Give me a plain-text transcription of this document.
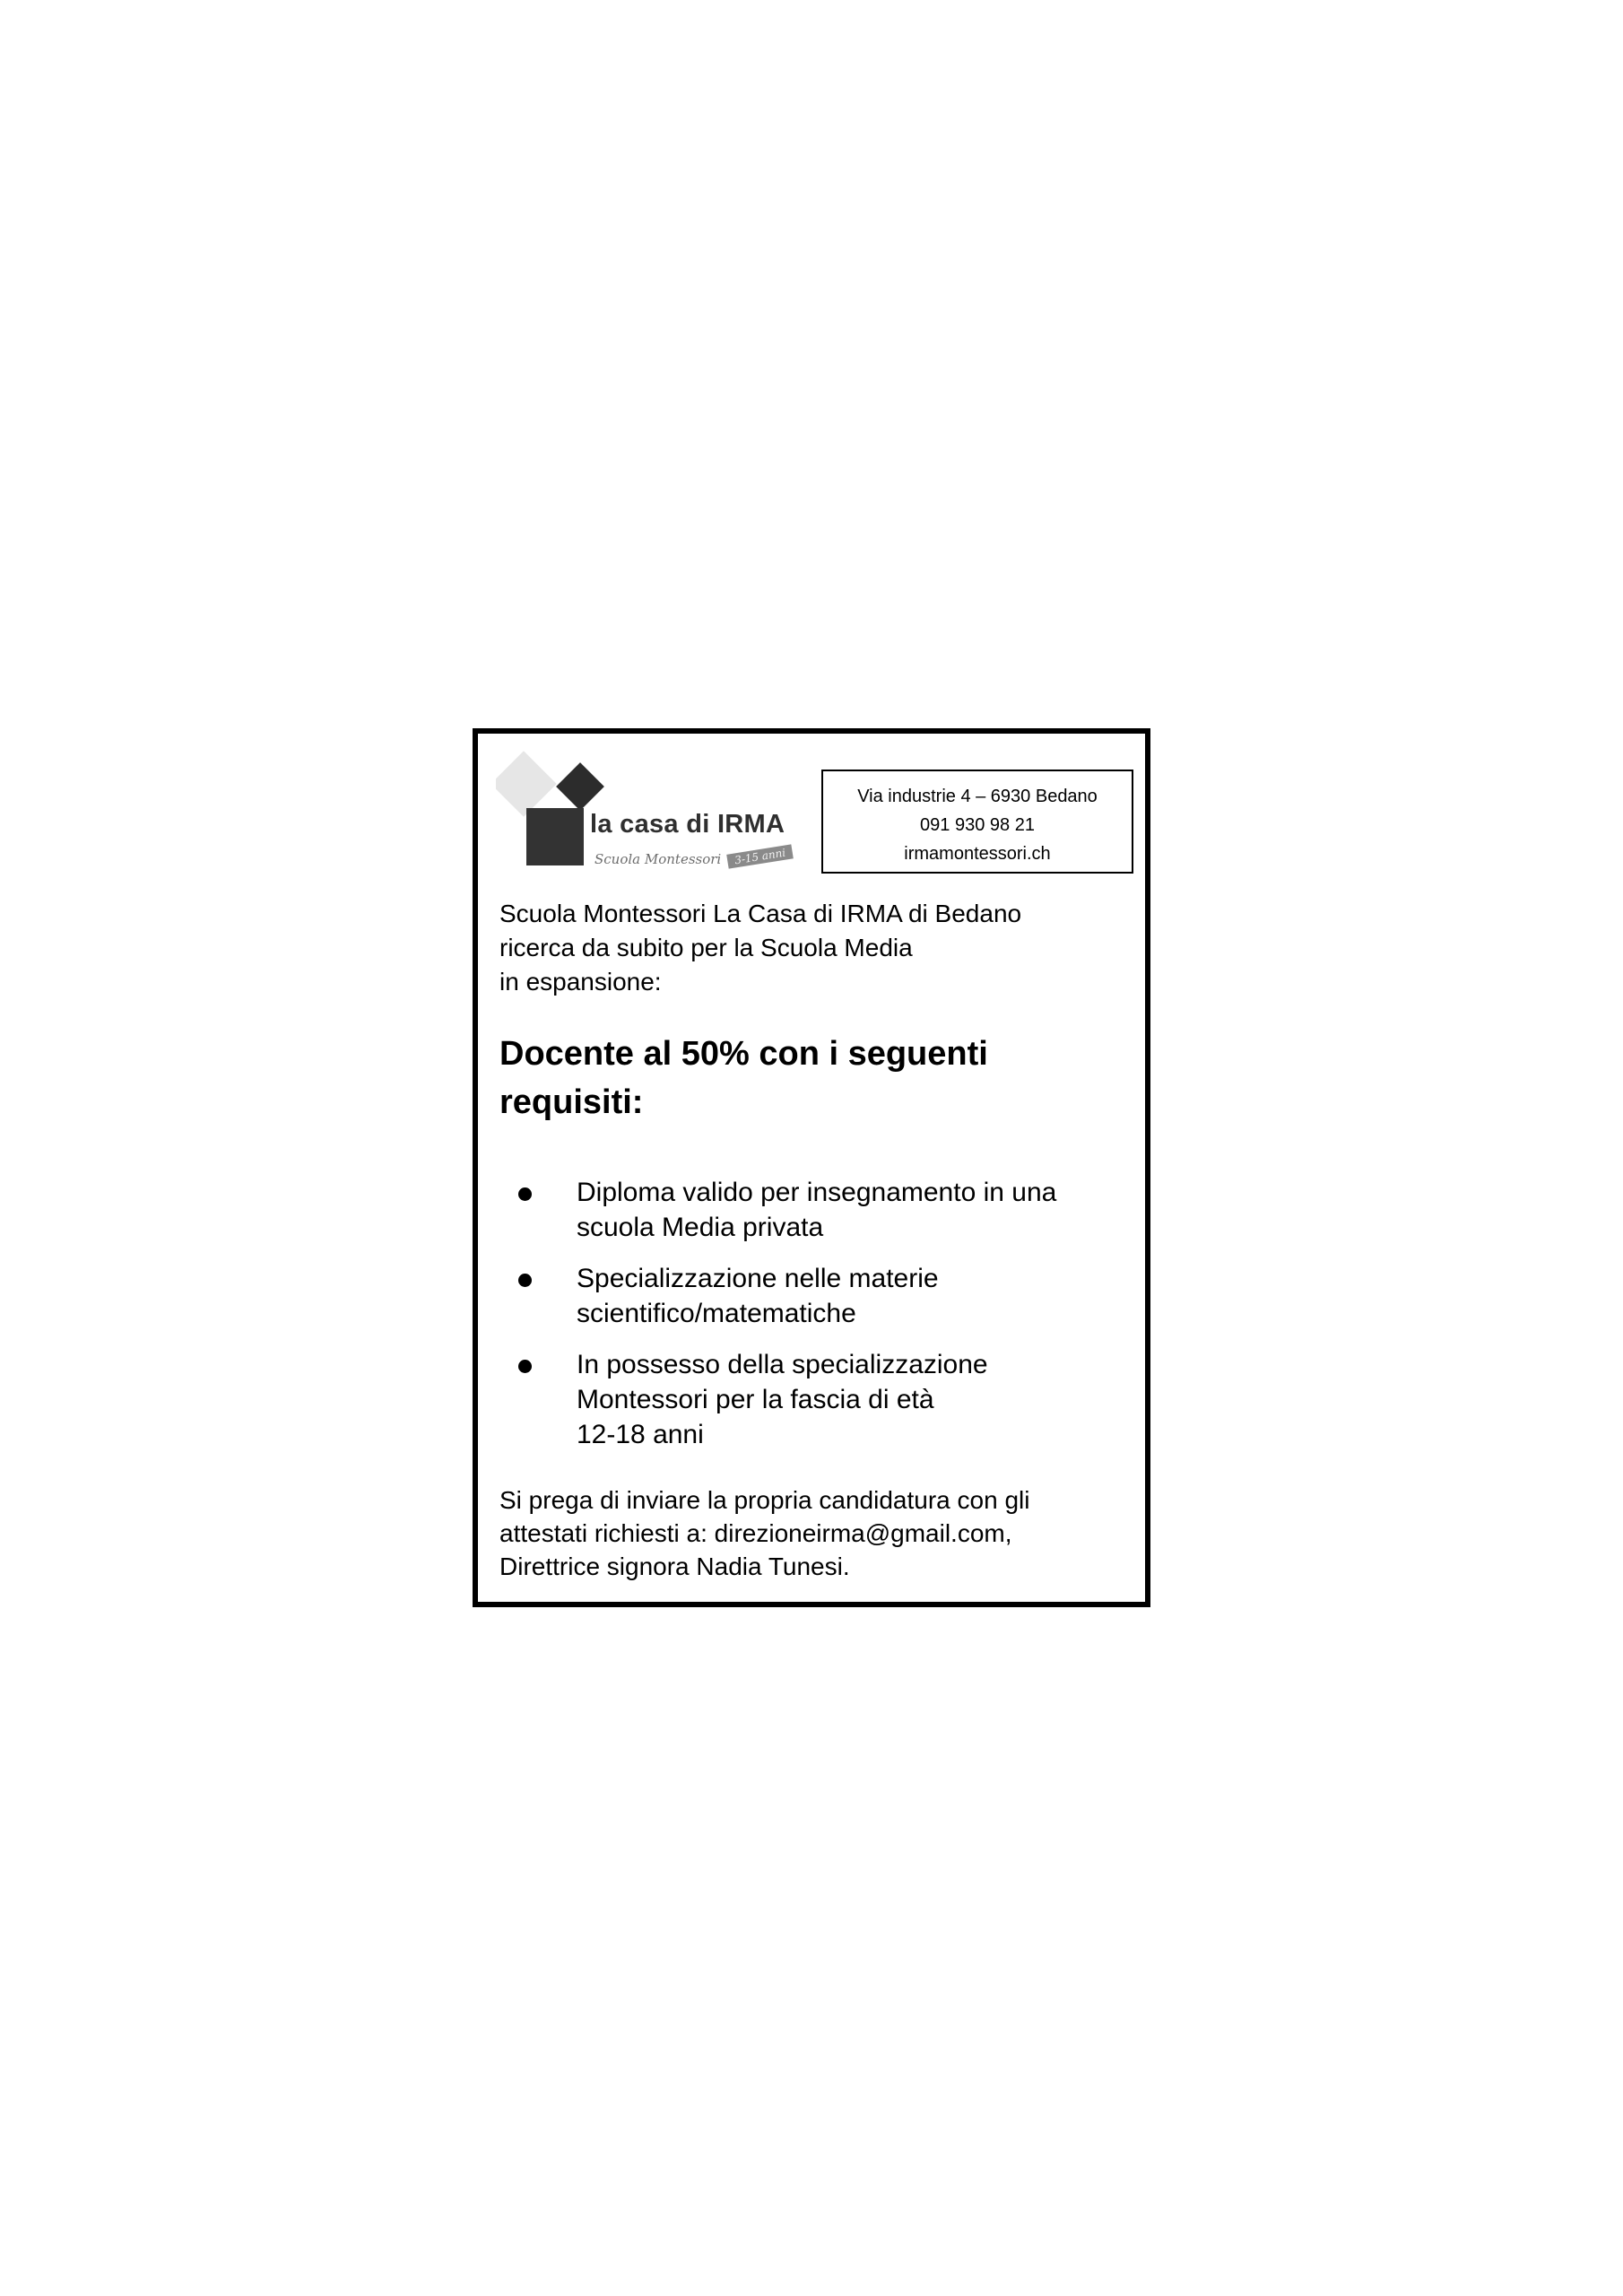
la casa di IRMA
Scuola Montessori	3-15 anni
Via industrie 4 – 6930 Bedano
091 930 98 21
irmamontessori.ch
Scuola Montessori La Casa di IRMA di Bedano
ricerca da subito per la Scuola Media
in espansione:
Docente al 50% con i seguenti
requisiti:
Diploma valido per insegnamento in una
scuola Media privata
Specializzazione nelle materie
scientifico/matematiche
In possesso della specializzazione
Montessori per la fascia di età
12-18 anni
Si prega di inviare la propria candidatura con gli
attestati richiesti a: direzioneirma@gmail.com,
Direttrice signora Nadia Tunesi.
